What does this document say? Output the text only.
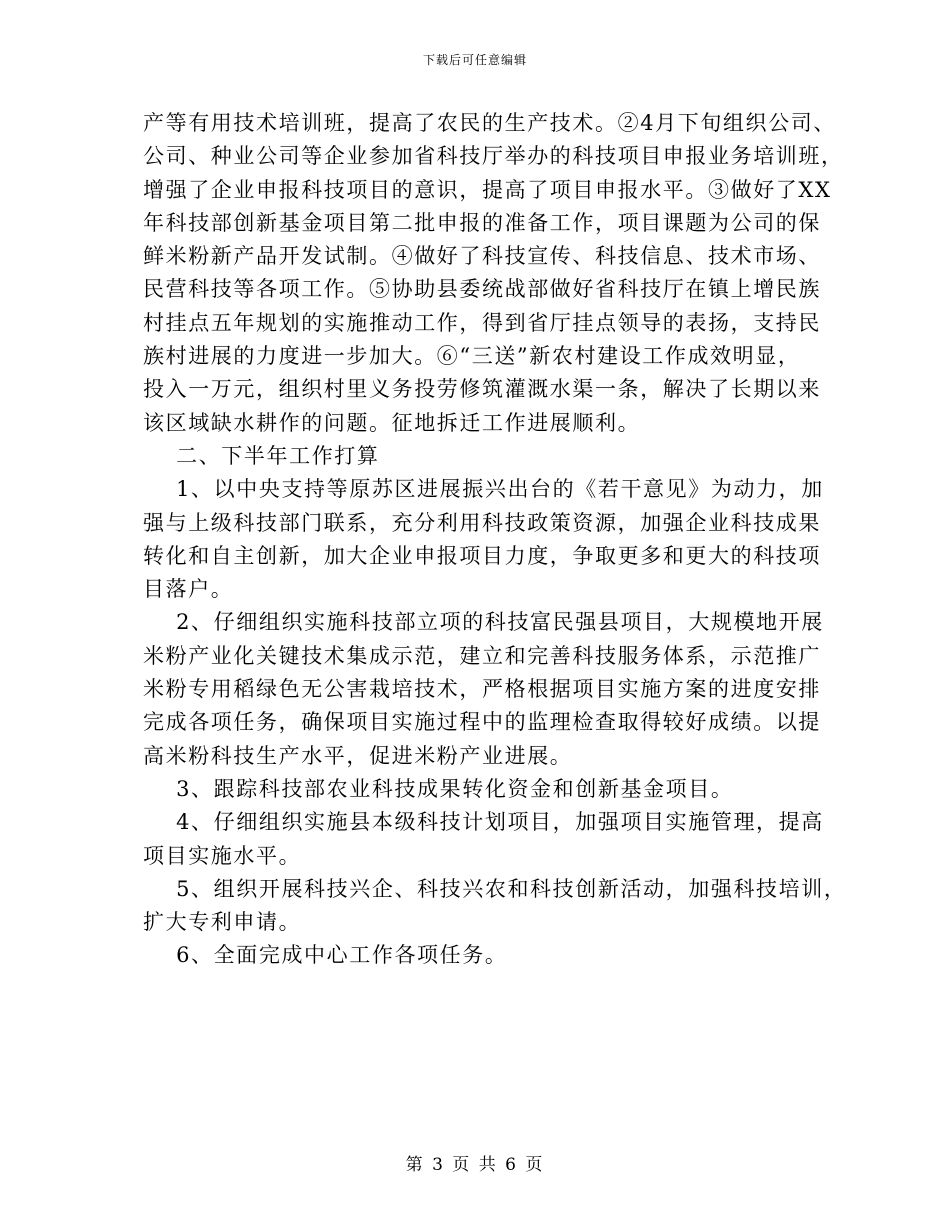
下载后可任意编辑
产等有用技术培训班，提高了农民的生产技术。②4月下旬组织公司、
公司、种业公司等企业参加省科技厅举办的科技项目申报业务培训班，
增强了企业申报科技项目的意识，提高了项目申报水平。③做好了XX
年科技部创新基金项目第二批申报的准备工作，项目课题为公司的保
鲜米粉新产品开发试制。④做好了科技宣传、科技信息、技术市场、
民营科技等各项工作。⑤协助县委统战部做好省科技厅在镇上增民族
村挂点五年规划的实施推动工作，得到省厅挂点领导的表扬，支持民
族村进展的力度进一步加大。⑥“三送”新农村建设工作成效明显，
投入一万元，组织村里义务投劳修筑灌溉水渠一条，解决了长期以来
该区域缺水耕作的问题。征地拆迁工作进展顺利。
二、下半年工作打算
1、以中央支持等原苏区进展振兴出台的《若干意见》为动力，加
强与上级科技部门联系，充分利用科技政策资源，加强企业科技成果
转化和自主创新，加大企业申报项目力度，争取更多和更大的科技项
目落户。
2、仔细组织实施科技部立项的科技富民强县项目，大规模地开展
米粉产业化关键技术集成示范，建立和完善科技服务体系，示范推广
米粉专用稻绿色无公害栽培技术，严格根据项目实施方案的进度安排
完成各项任务，确保项目实施过程中的监理检查取得较好成绩。以提
高米粉科技生产水平，促进米粉产业进展。
3、跟踪科技部农业科技成果转化资金和创新基金项目。
4、仔细组织实施县本级科技计划项目，加强项目实施管理，提高
项目实施水平。
5、组织开展科技兴企、科技兴农和科技创新活动，加强科技培训，
扩大专利申请。
6、全面完成中心工作各项任务。
第 3 页 共 6 页
